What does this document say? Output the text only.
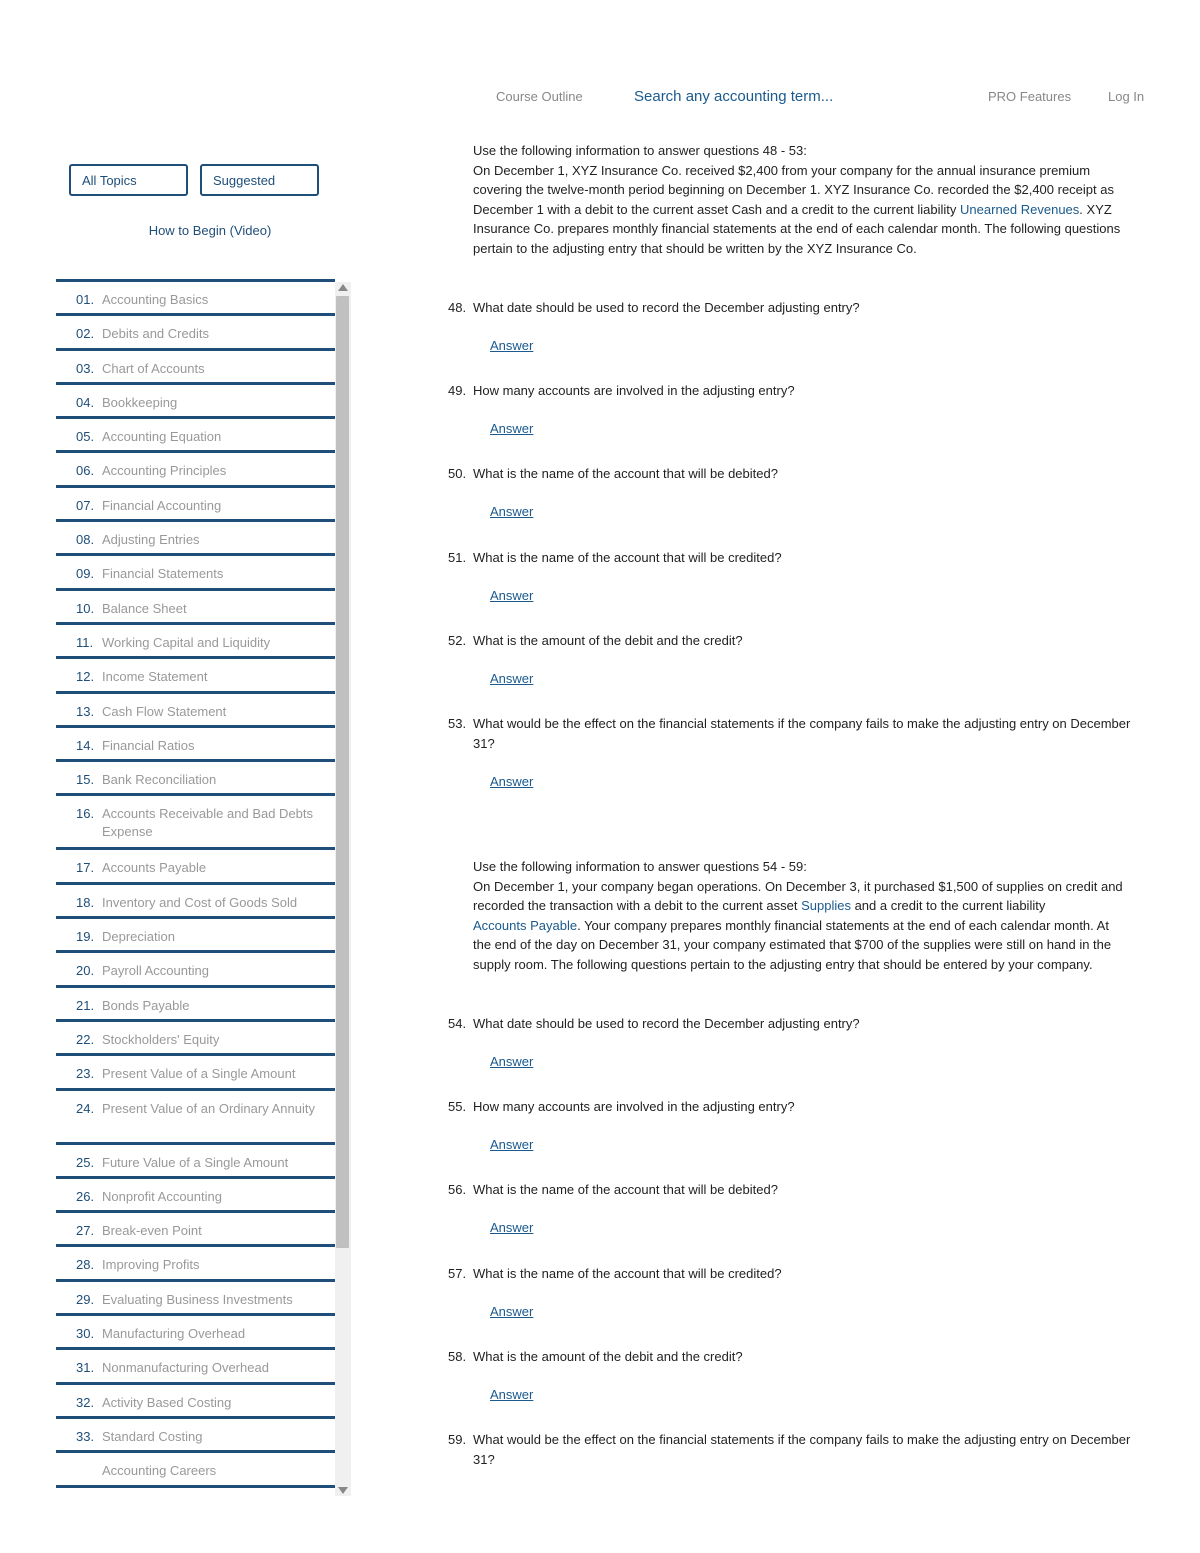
Course Outline	Search any accounting term...	PRO Features	Log In
All Topics	Suggested
How to Begin (Video)
01. Accounting Basics
02. Debits and Credits
03. Chart of Accounts
04. Bookkeeping
05. Accounting Equation
06. Accounting Principles
07. Financial Accounting
08. Adjusting Entries
09. Financial Statements
10. Balance Sheet
11. Working Capital and Liquidity
12. Income Statement
13. Cash Flow Statement
14. Financial Ratios
15. Bank Reconciliation
16. Accounts Receivable and Bad Debts Expense
17. Accounts Payable
18. Inventory and Cost of Goods Sold
19. Depreciation
20. Payroll Accounting
21. Bonds Payable
22. Stockholders' Equity
23. Present Value of a Single Amount
24. Present Value of an Ordinary Annuity
25. Future Value of a Single Amount
26. Nonprofit Accounting
27. Break-even Point
28. Improving Profits
29. Evaluating Business Investments
30. Manufacturing Overhead
31. Nonmanufacturing Overhead
32. Activity Based Costing
33. Standard Costing
Accounting Careers
Use the following information to answer questions 48 - 53:
On December 1, XYZ Insurance Co. received $2,400 from your company for the annual insurance premium
covering the twelve-month period beginning on December 1. XYZ Insurance Co. recorded the $2,400 receipt as
December 1 with a debit to the current asset Cash and a credit to the current liability Unearned Revenues. XYZ
Insurance Co. prepares monthly financial statements at the end of each calendar month. The following questions
pertain to the adjusting entry that should be written by the XYZ Insurance Co.
Use the following information to answer questions 54 - 59:
On December 1, your company began operations. On December 3, it purchased $1,500 of supplies on credit and
recorded the transaction with a debit to the current asset Supplies and a credit to the current liability
Accounts Payable. Your company prepares monthly financial statements at the end of each calendar month. At
the end of the day on December 31, your company estimated that $700 of the supplies were still on hand in the
supply room. The following questions pertain to the adjusting entry that should be entered by your company.
48. What date should be used to record the December adjusting entry?
Answer
49. How many accounts are involved in the adjusting entry?
Answer
50. What is the name of the account that will be debited?
Answer
51. What is the name of the account that will be credited?
Answer
52. What is the amount of the debit and the credit?
Answer
53. What would be the effect on the financial statements if the company fails to make the adjusting entry on December 31?
Answer
54. What date should be used to record the December adjusting entry?
Answer
55. How many accounts are involved in the adjusting entry?
Answer
56. What is the name of the account that will be debited?
Answer
57. What is the name of the account that will be credited?
Answer
58. What is the amount of the debit and the credit?
Answer
59. What would be the effect on the financial statements if the company fails to make the adjusting entry on December 31?
